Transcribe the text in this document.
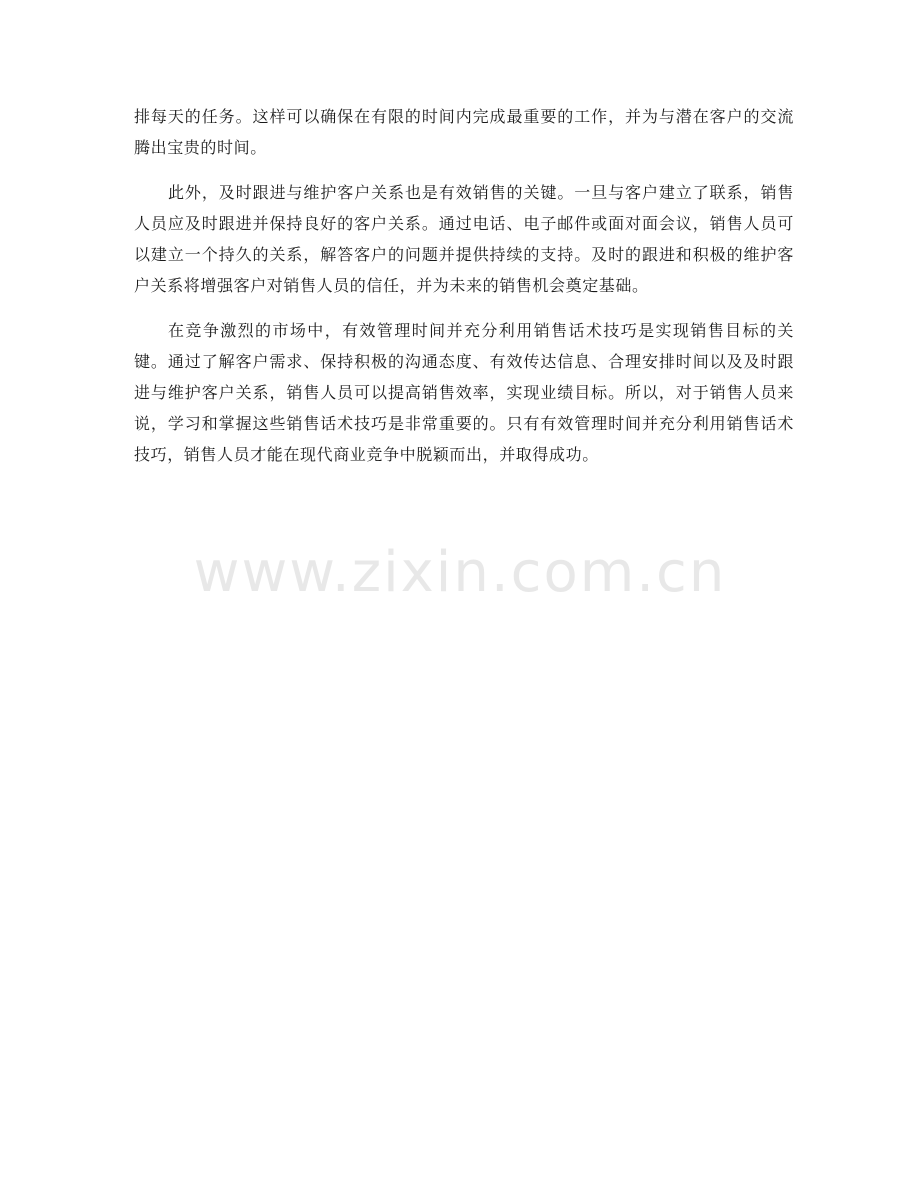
排每天的任务。这样可以确保在有限的时间内完成最重要的工作，并为与潜在客户的交流腾出宝贵的时间。

此外，及时跟进与维护客户关系也是有效销售的关键。一旦与客户建立了联系，销售人员应及时跟进并保持良好的客户关系。通过电话、电子邮件或面对面会议，销售人员可以建立一个持久的关系，解答客户的问题并提供持续的支持。及时的跟进和积极的维护客户关系将增强客户对销售人员的信任，并为未来的销售机会奠定基础。

在竞争激烈的市场中，有效管理时间并充分利用销售话术技巧是实现销售目标的关键。通过了解客户需求、保持积极的沟通态度、有效传达信息、合理安排时间以及及时跟进与维护客户关系，销售人员可以提高销售效率，实现业绩目标。所以，对于销售人员来说，学习和掌握这些销售话术技巧是非常重要的。只有有效管理时间并充分利用销售话术技巧，销售人员才能在现代商业竞争中脱颖而出，并取得成功。

www.zixin.com.cn
